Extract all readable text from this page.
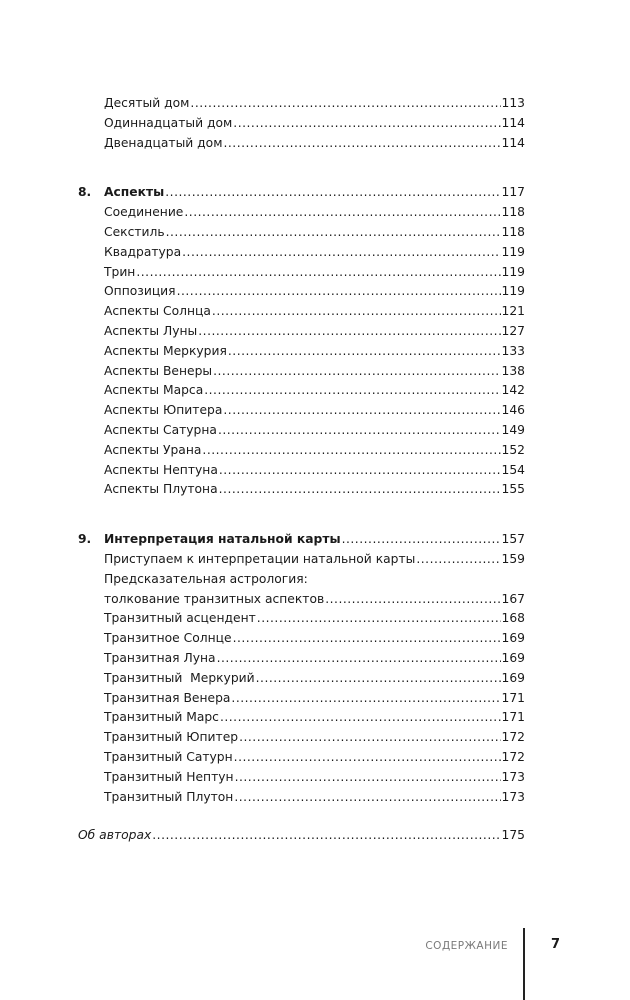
Десятый дом .....	113
Одиннадцатый дом .....	114
Двенадцатый дом .....	114
8.	Аспекты .....	117
Соединение .....	118
Секстиль .....	118
Квадратура .....	119
Трин .....	119
Оппозиция .....	119
Аспекты Солнца .....	121
Аспекты Луны .....	127
Аспекты Меркурия .....	133
Аспекты Венеры .....	138
Аспекты Марса .....	142
Аспекты Юпитера .....	146
Аспекты Сатурна .....	149
Аспекты Урана .....	152
Аспекты Нептуна .....	154
Аспекты Плутона .....	155
9.	Интерпретация натальной карты .....	157
Приступаем к интерпретации натальной карты .....	159
Предсказательная астрология:
толкование транзитных аспектов .....	167
Транзитный асцендент .....	168
Транзитное Солнце .....	169
Транзитная Луна .....	169
Транзитный  Меркурий .....	169
Транзитная Венера .....	171
Транзитный Марс .....	171
Транзитный Юпитер .....	172
Транзитный Сатурн .....	172
Транзитный Нептун .....	173
Транзитный Плутон .....	173
Об авторах .....	175
СОДЕРЖАНИЕ	7
